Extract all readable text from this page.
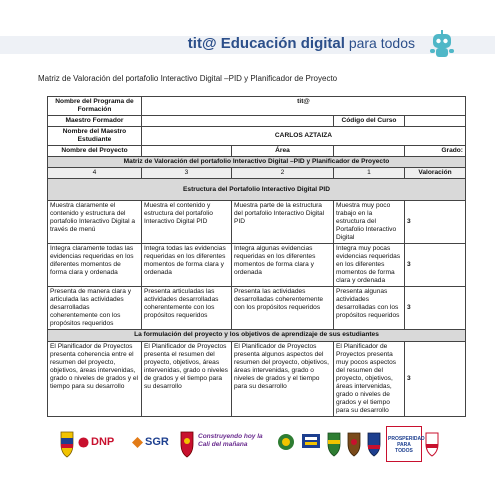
tit@ Educación digital para todos
Matriz de Valoración del portafolio Interactivo Digital –PID y Planificador de Proyecto
Nombre del Programa de Formación	tit@			
Maestro Formador			Código del Curso	
Nombre del Maestro Estudiante	CARLOS AZTAIZA			
Nombre del Proyecto		Área		Grado:
Matriz de Valoración del portafolio Interactivo Digital –PID y Planificador de Proyecto				
4	3	2	1	Valoración
Estructura del Portafolio Interactivo Digital PID				
Muestra claramente el contenido y estructura del portafolio Interactivo Digital a través de menú	Muestra el contenido y estructura del portafolio Interactivo Digital PID	Muestra parte de la estructura del portafolio Interactivo Digital PID	Muestra muy poco trabajo en la estructura del Portafolio Interactivo Digital	3
Integra claramente todas las evidencias requeridas en los diferentes momentos de forma clara y ordenada	Integra todas las evidencias requeridas en los diferentes momentos de forma clara y ordenada	Integra algunas evidencias requeridas en los diferentes momentos de forma clara y ordenada	Integra muy pocas evidencias requeridas en los diferentes momentos de forma clara y ordenada	3
Presenta de manera clara y articulada las actividades desarrolladas coherentemente con los propósitos requeridos	Presenta articuladas las actividades desarrolladas coherentemente con los propósitos requeridos	Presenta las actividades desarrolladas coherentemente con los propósitos requeridos	Presenta algunas actividades desarrolladas con los propósitos requeridos	3
La formulación del proyecto y los objetivos de aprendizaje de sus estudiantes				
El Planificador de Proyectos presenta coherencia entre el resumen del proyecto, objetivos, áreas intervenidas, grado o niveles de grados y el tiempo para su desarrollo	El Planificador de Proyectos presenta el resumen del proyecto, objetivos, áreas intervenidas, grado o niveles de grados y el tiempo para su desarrollo	El Planificador de Proyectos presenta algunos aspectos del resumen del proyecto, objetivos, áreas intervenidas, grado o niveles de grados y el tiempo para su desarrollo	El Planificador de Proyectos presenta muy pocos aspectos del resumen del proyecto, objetivos, áreas intervenidas, grado o niveles de grados y el tiempo para su desarrollo	3
DNP	SGR	Construyendo hoy la Cali del mañana
PROSPERIDAD PARA TODOS
